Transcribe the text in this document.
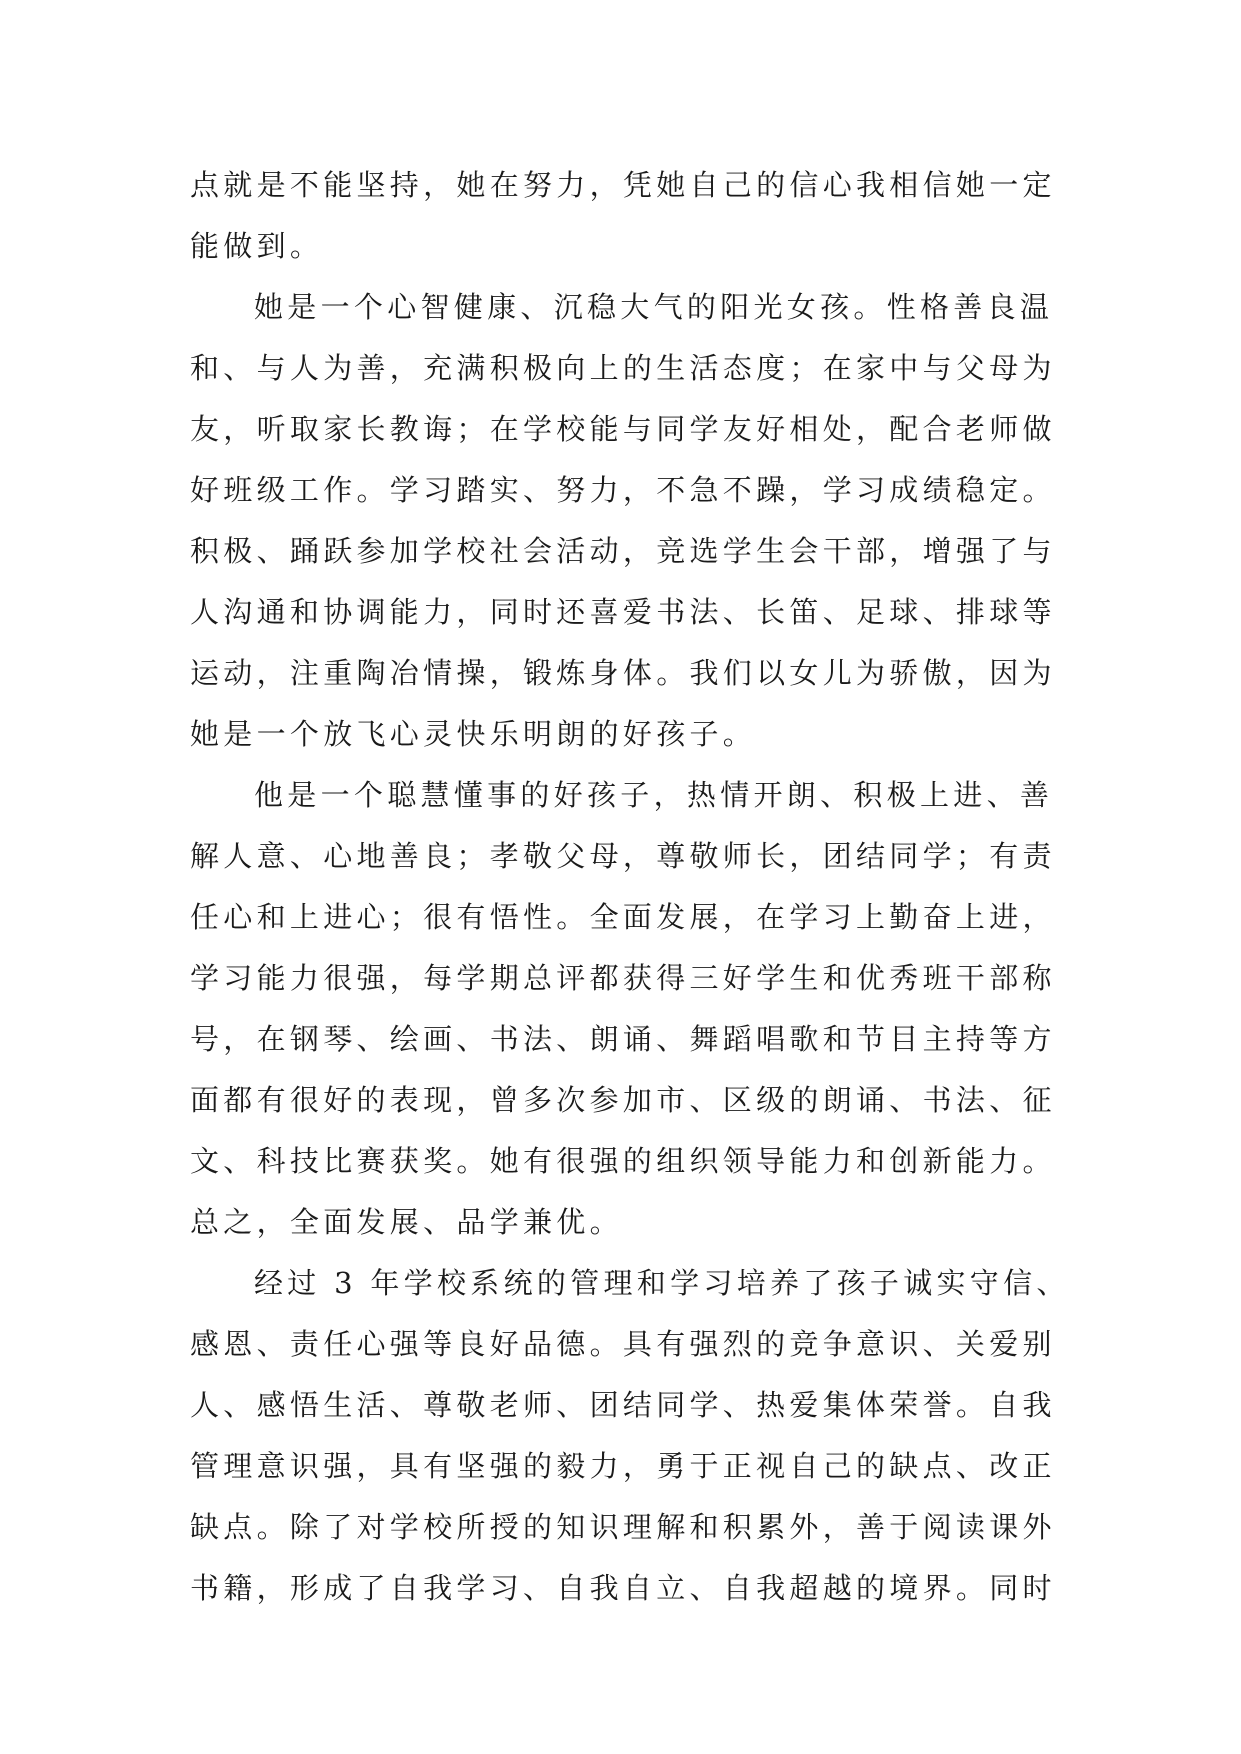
点就是不能坚持，她在努力，凭她自己的信心我相信她一定
能做到。
她是一个心智健康、沉稳大气的阳光女孩。性格善良温
和、与人为善，充满积极向上的生活态度；在家中与父母为
友，听取家长教诲；在学校能与同学友好相处，配合老师做
好班级工作。学习踏实、努力，不急不躁，学习成绩稳定。
积极、踊跃参加学校社会活动，竞选学生会干部，增强了与
人沟通和协调能力，同时还喜爱书法、长笛、足球、排球等
运动，注重陶冶情操，锻炼身体。我们以女儿为骄傲，因为
她是一个放飞心灵快乐明朗的好孩子。
他是一个聪慧懂事的好孩子，热情开朗、积极上进、善
解人意、心地善良；孝敬父母，尊敬师长，团结同学；有责
任心和上进心；很有悟性。全面发展，在学习上勤奋上进，
学习能力很强，每学期总评都获得三好学生和优秀班干部称
号，在钢琴、绘画、书法、朗诵、舞蹈唱歌和节目主持等方
面都有很好的表现，曾多次参加市、区级的朗诵、书法、征
文、科技比赛获奖。她有很强的组织领导能力和创新能力。
总之，全面发展、品学兼优。
经过 3 年学校系统的管理和学习培养了孩子诚实守信、
感恩、责任心强等良好品德。具有强烈的竞争意识、关爱别
人、感悟生活、尊敬老师、团结同学、热爱集体荣誉。自我
管理意识强，具有坚强的毅力，勇于正视自己的缺点、改正
缺点。除了对学校所授的知识理解和积累外，善于阅读课外
书籍，形成了自我学习、自我自立、自我超越的境界。同时
